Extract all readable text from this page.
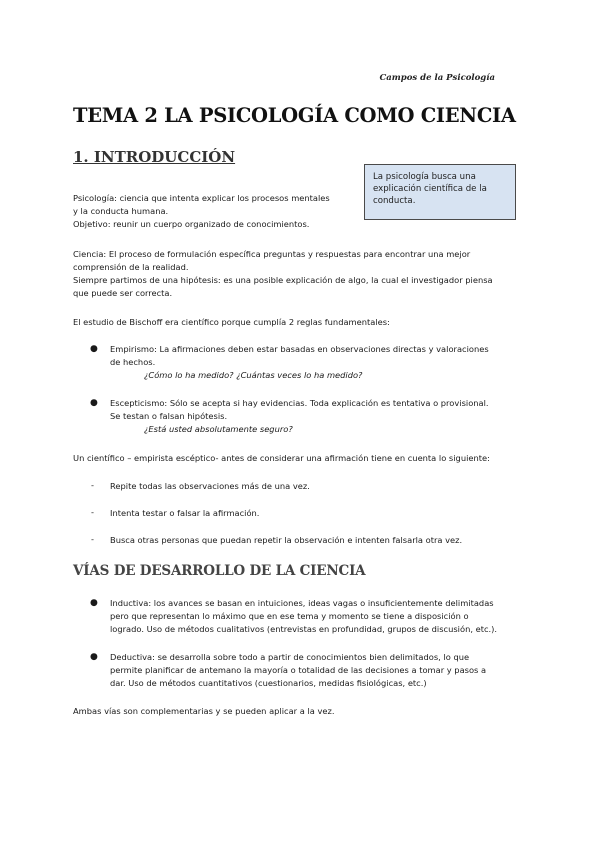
Campos de la Psicología
TEMA 2 LA PSICOLOGÍA COMO CIENCIA
1. INTRODUCCIÓN
La psicología busca una explicación científica de la conducta.
Psicología: ciencia que intenta explicar los procesos mentales
y la conducta humana.
Objetivo: reunir un cuerpo organizado de conocimientos.
Ciencia: El proceso de formulación específica preguntas y respuestas para encontrar una mejor
comprensión de la realidad.
Siempre partimos de una hipótesis: es una posible explicación de algo, la cual el investigador piensa
que puede ser correcta.
El estudio de Bischoff era científico porque cumplía 2 reglas fundamentales:
● Empirismo: La afirmaciones deben estar basadas en observaciones directas y valoraciones
de hechos.
¿Cómo lo ha medido? ¿Cuántas veces lo ha medido?
● Escepticismo: Sólo se acepta si hay evidencias. Toda explicación es tentativa o provisional.
Se testan o falsan hipótesis.
¿Está usted absolutamente seguro?
Un científico – empirista escéptico- antes de considerar una afirmación tiene en cuenta lo siguiente:
- Repite todas las observaciones más de una vez.
- Intenta testar o falsar la afirmación.
- Busca otras personas que puedan repetir la observación e intenten falsarla otra vez.
VÍAS DE DESARROLLO DE LA CIENCIA
● Inductiva: los avances se basan en intuiciones, ideas vagas o insuficientemente delimitadas
pero que representan lo máximo que en ese tema y momento se tiene a disposición o
logrado. Uso de métodos cualitativos (entrevistas en profundidad, grupos de discusión, etc.).
● Deductiva: se desarrolla sobre todo a partir de conocimientos bien delimitados, lo que
permite planificar de antemano la mayoría o totalidad de las decisiones a tomar y pasos a
dar. Uso de métodos cuantitativos (cuestionarios, medidas fisiológicas, etc.)
Ambas vías son complementarias y se pueden aplicar a la vez.
